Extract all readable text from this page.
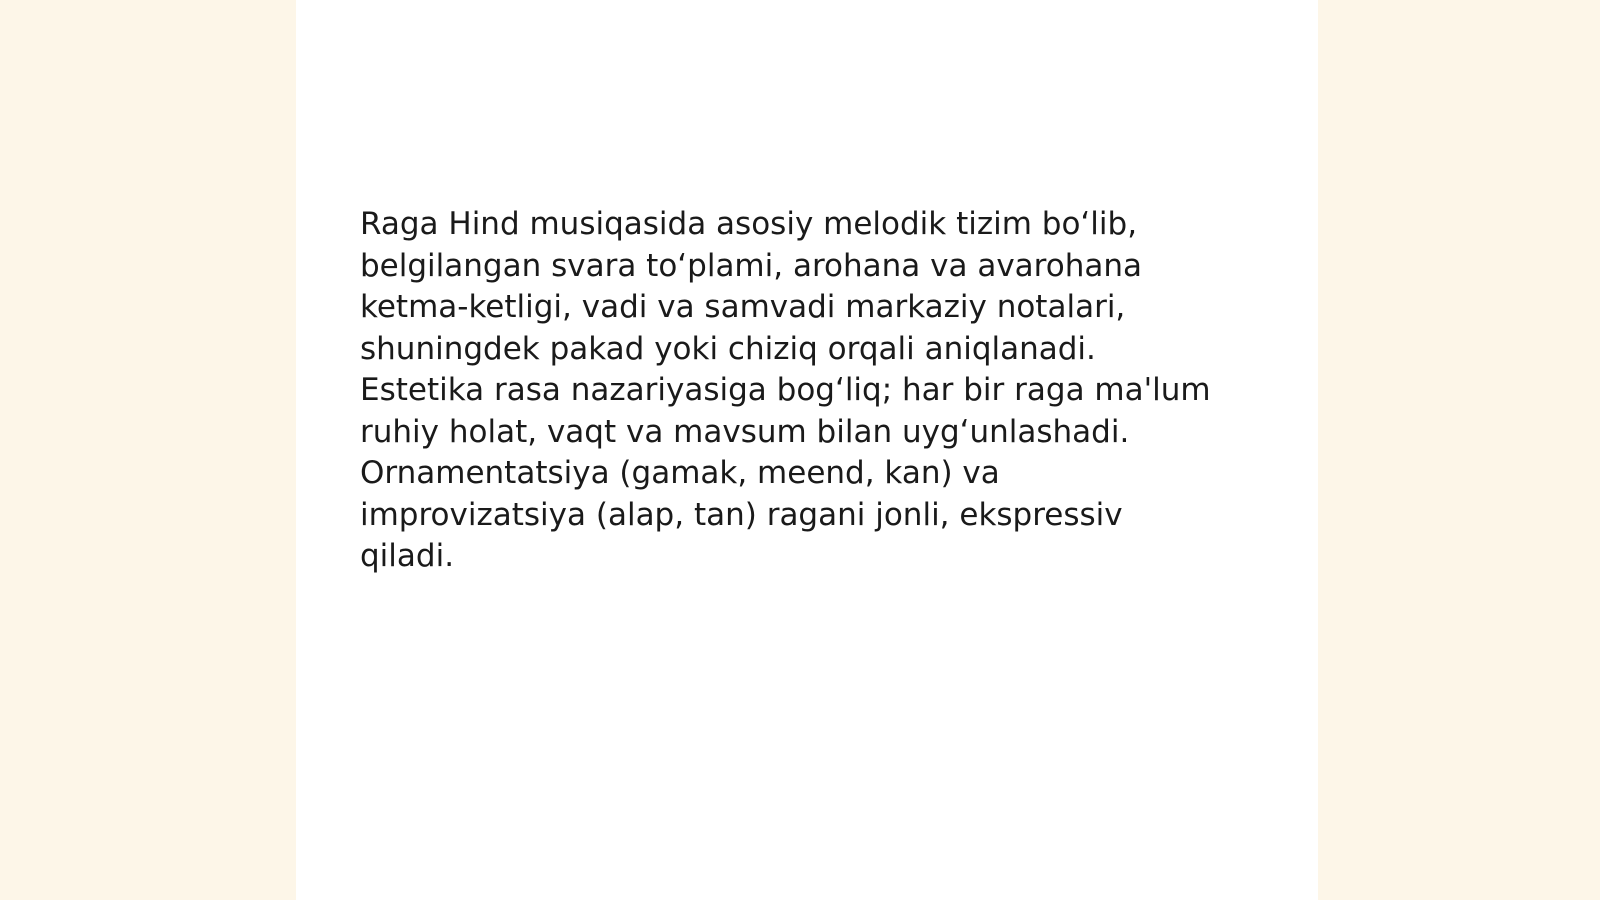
Raga Hind musiqasida asosiy melodik tizim bo‘lib,
belgilangan svara to‘plami, arohana va avarohana
ketma-ketligi, vadi va samvadi markaziy notalari,
shuningdek pakad yoki chiziq orqali aniqlanadi.
Estetika rasa nazariyasiga bog‘liq; har bir raga ma'lum
ruhiy holat, vaqt va mavsum bilan uyg‘unlashadi.
Ornamentatsiya (gamak, meend, kan) va
improvizatsiya (alap, tan) ragani jonli, ekspressiv
qiladi.
